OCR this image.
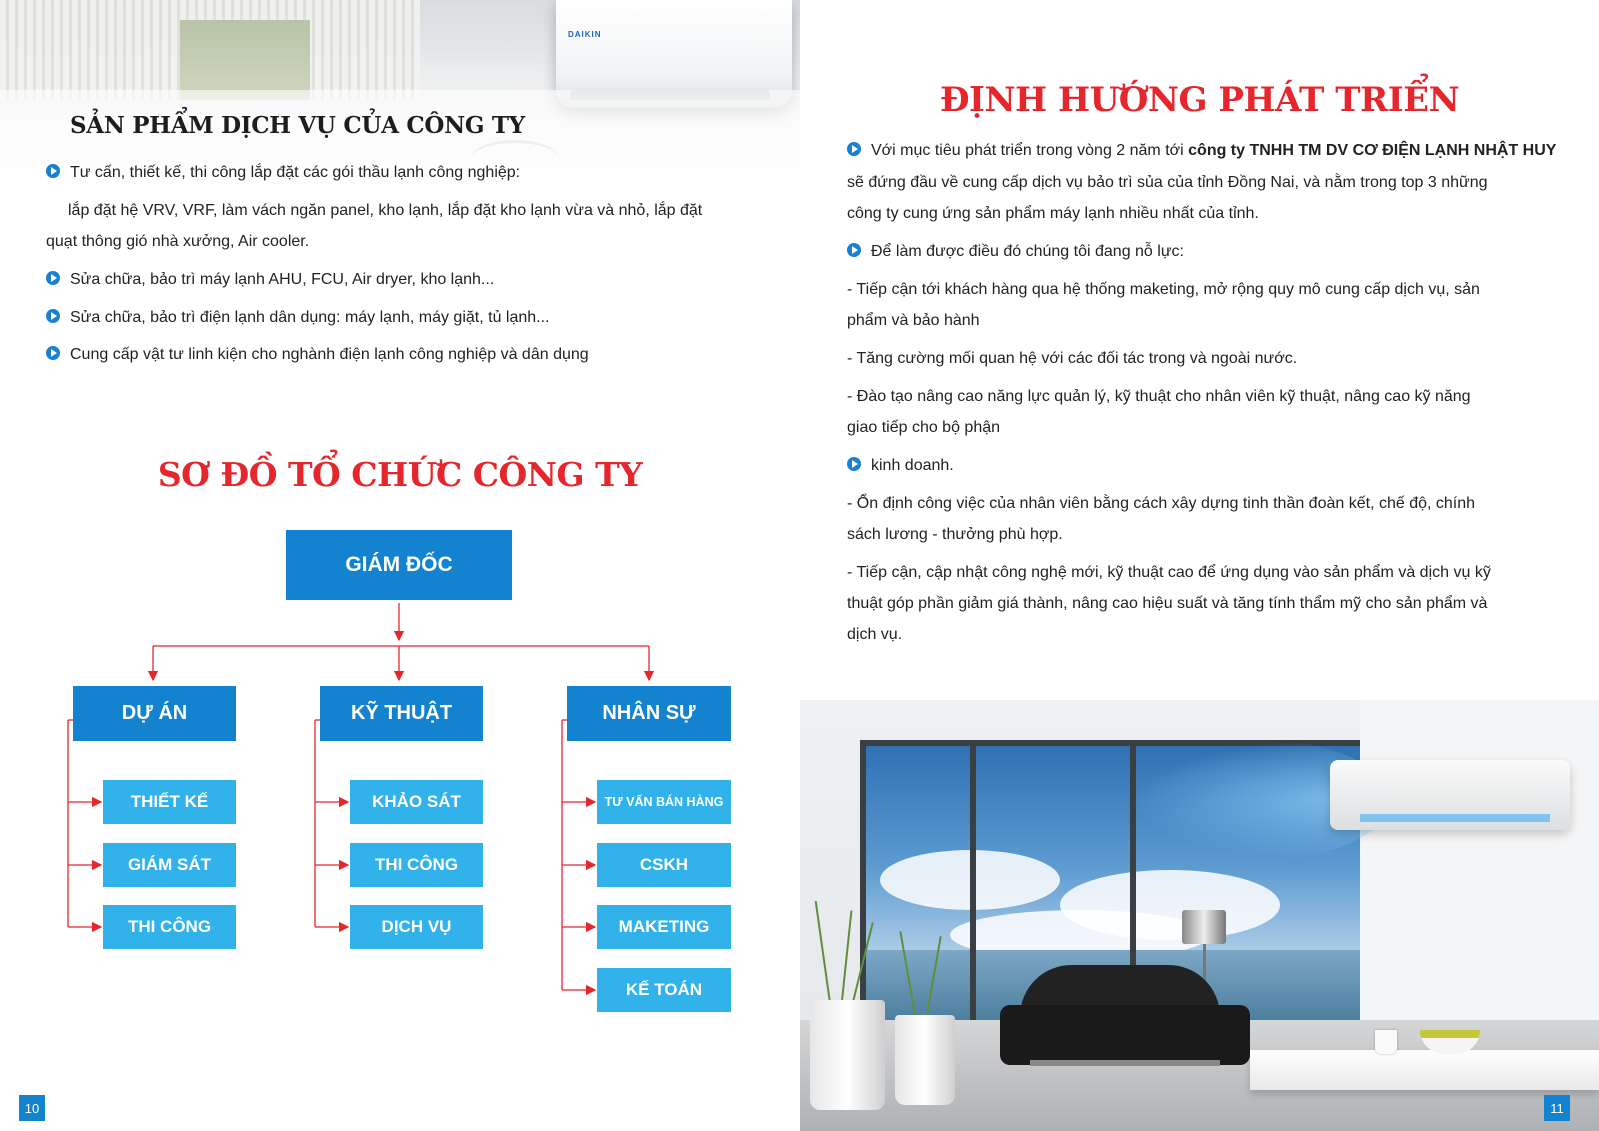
DAIKIN
SẢN PHẨM DỊCH VỤ CỦA CÔNG TY
Tư cấn, thiết kế, thi công lắp đặt các gói thầu lạnh công nghiệp:
lắp đặt hệ VRV, VRF, làm vách ngăn panel, kho lạnh, lắp đặt kho lạnh vừa và nhỏ, lắp đặt
quạt thông gió nhà xưởng, Air cooler.
Sửa chữa, bảo trì máy lạnh AHU, FCU, Air dryer, kho lạnh...
Sửa chữa, bảo trì điện lạnh dân dụng: máy lạnh, máy giặt, tủ lạnh...
Cung cấp vật tư linh kiện cho nghành điện lạnh công nghiệp và dân dụng
SƠ ĐỒ TỔ CHỨC CÔNG TY
GIÁM ĐỐC
DỰ ÁN	KỸ THUẬT	NHÂN SỰ
THIẾT KẾ
GIÁM SÁT
THI CÔNG
KHẢO SÁT
THI CÔNG
DỊCH VỤ
TƯ VẤN BÁN HÀNG
CSKH
MAKETING
KẾ TOÁN
10
ĐỊNH HƯỚNG PHÁT TRIỂN
Với mục tiêu phát triển trong vòng 2 năm tới công ty TNHH TM DV CƠ ĐIỆN LẠNH NHẬT HUY
sẽ đứng đầu về cung cấp dịch vụ bảo trì sủa của tỉnh Đồng Nai, và nằm trong top 3 những
công ty cung ứng sản phẩm máy lạnh nhiều nhất của tỉnh.
Để làm được điều đó chúng tôi đang nỗ lực:
- Tiếp cận tới khách hàng qua hệ thống maketing, mở rộng quy mô cung cấp dịch vụ, sản
phẩm và bảo hành
- Tăng cường mối quan hệ với các đối tác trong và ngoài nước.
- Đào tạo nâng cao năng lực quản lý, kỹ thuật cho nhân viên kỹ thuật, nâng cao kỹ năng
giao tiếp cho bộ phận
kinh doanh.
- Ổn định công việc của nhân viên bằng cách xây dựng tinh thần đoàn kết, chế độ, chính
sách lương - thưởng phù hợp.
- Tiếp cận, cập nhật công nghệ mới, kỹ thuật cao để ứng dụng vào sản phẩm và dịch vụ kỹ
thuật góp phần giảm giá thành, nâng cao hiệu suất và tăng tính thẩm mỹ cho sản phẩm và
dịch vụ.
11
